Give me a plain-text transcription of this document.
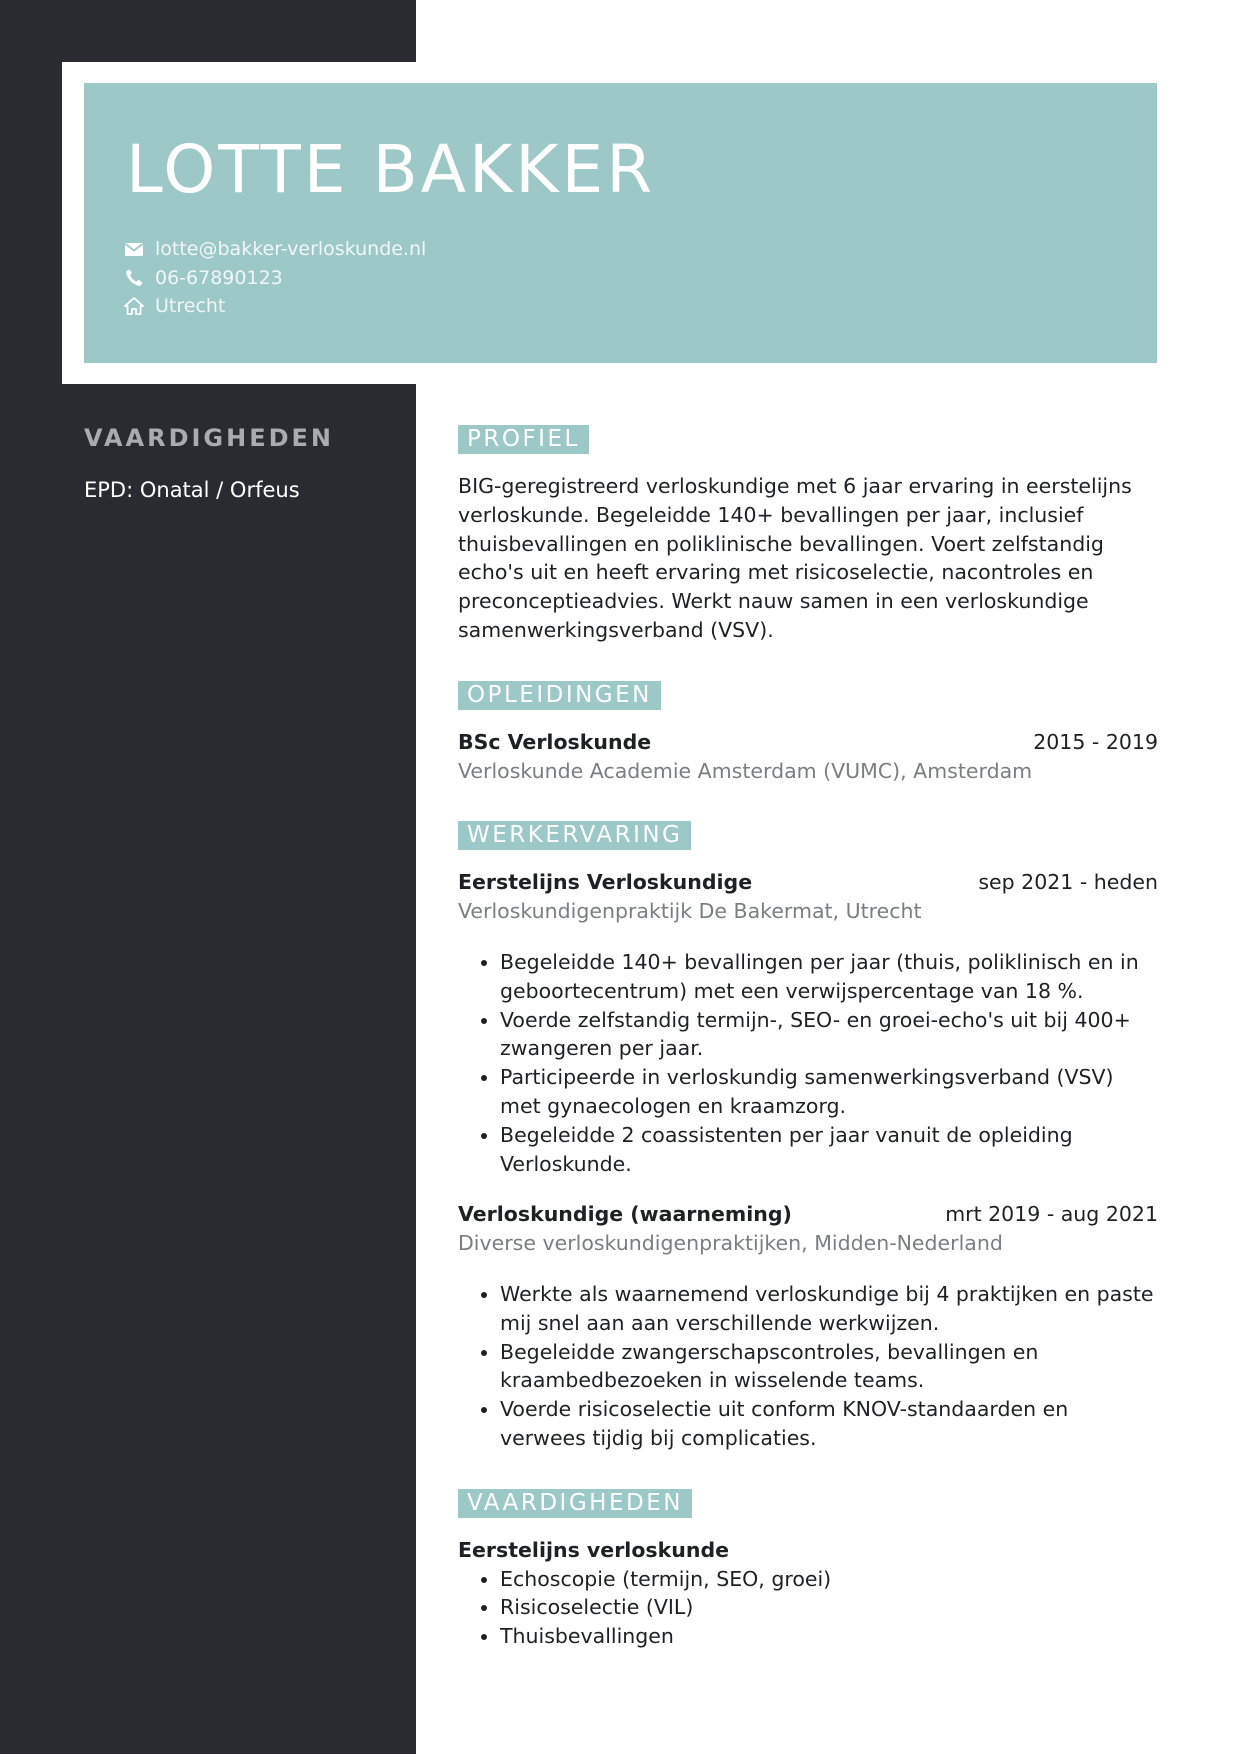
LOTTE BAKKER
lotte@bakker-verloskunde.nl
06-67890123
Utrecht
VAARDIGHEDEN
EPD: Onatal / Orfeus
PROFIEL

BIG-geregistreerd verloskundige met 6 jaar ervaring in eerstelijns verloskunde. Begeleidde 140+ bevallingen per jaar, inclusief thuisbevallingen en poliklinische bevallingen. Voert zelfstandig echo's uit en heeft ervaring met risicoselectie, nacontroles en preconceptieadvies. Werkt nauw samen in een verloskundige samenwerkingsverband (VSV).

OPLEIDINGEN
BSc Verloskunde	2015 - 2019
Verloskunde Academie Amsterdam (VUMC), Amsterdam
WERKERVARING
Eerstelijns Verloskundige	sep 2021 - heden
Verloskundigenpraktijk De Bakermat, Utrecht
• Begeleidde 140+ bevallingen per jaar (thuis, poliklinisch en in geboortecentrum) met een verwijspercentage van 18 %.
• Voerde zelfstandig termijn-, SEO- en groei-echo's uit bij 400+ zwangeren per jaar.
• Participeerde in verloskundig samenwerkingsverband (VSV) met gynaecologen en kraamzorg.
• Begeleidde 2 coassistenten per jaar vanuit de opleiding Verloskunde.
Verloskundige (waarneming)	mrt 2019 - aug 2021
Diverse verloskundigenpraktijken, Midden-Nederland
• Werkte als waarnemend verloskundige bij 4 praktijken en paste mij snel aan aan verschillende werkwijzen.
• Begeleidde zwangerschapscontroles, bevallingen en kraambedbezoeken in wisselende teams.
• Voerde risicoselectie uit conform KNOV-standaarden en verwees tijdig bij complicaties.
VAARDIGHEDEN
Eerstelijns verloskunde
• Echoscopie (termijn, SEO, groei)
• Risicoselectie (VIL)
• Thuisbevallingen
